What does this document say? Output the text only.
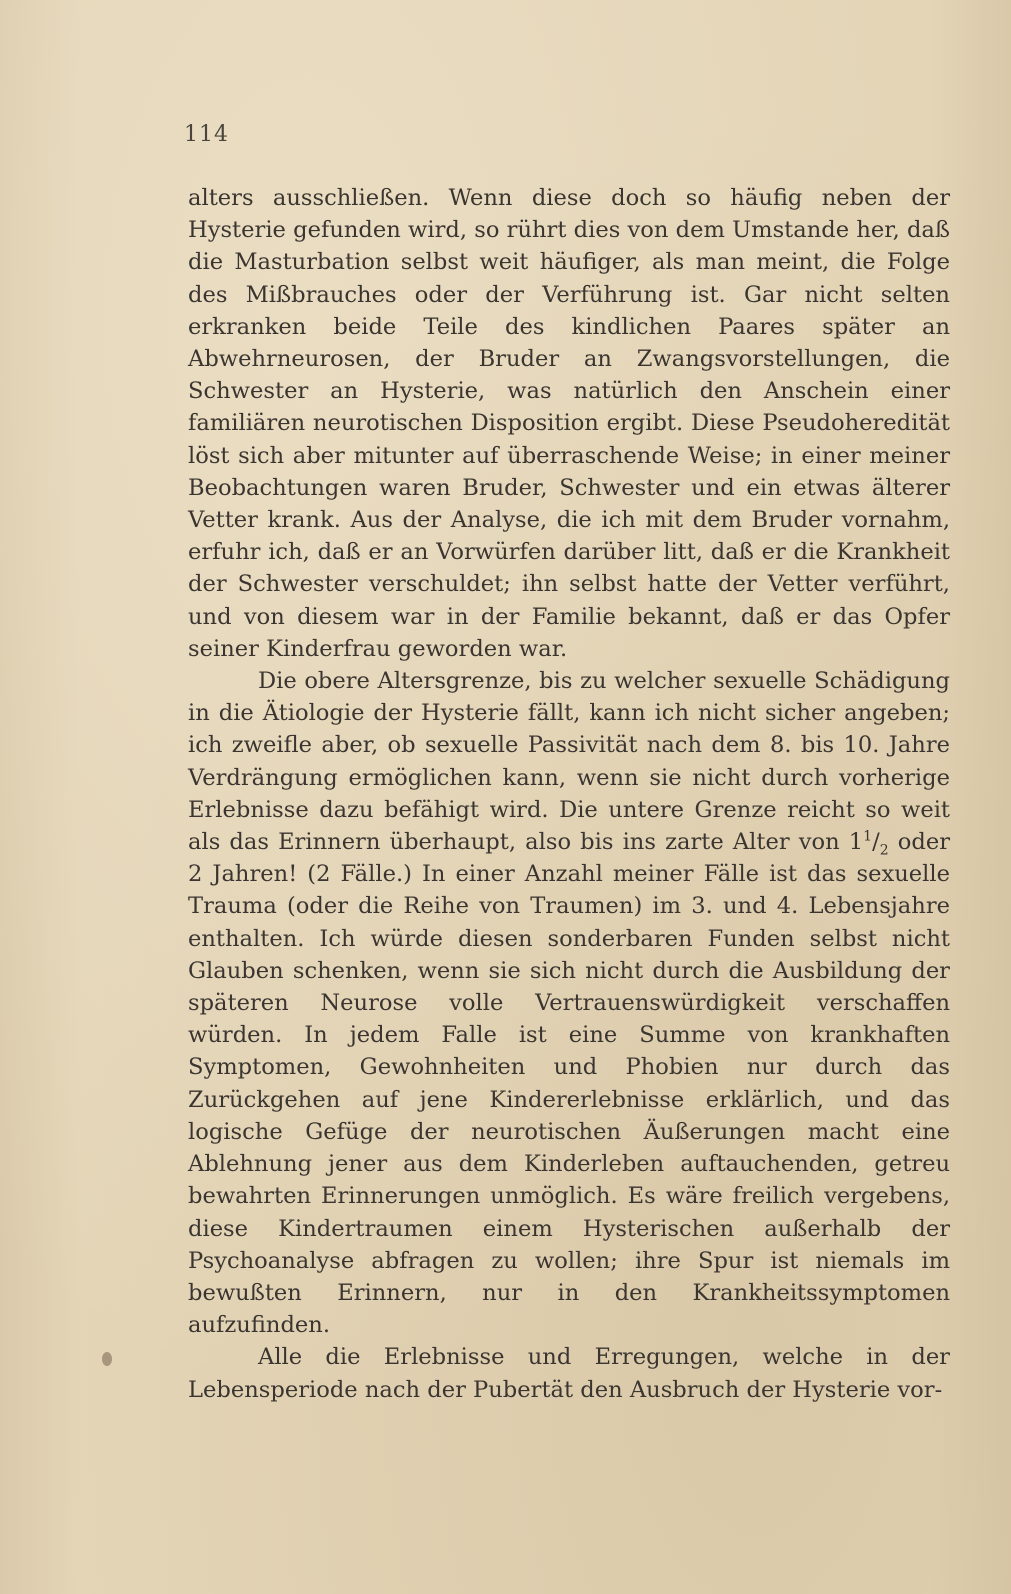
114

alters ausschließen. Wenn diese doch so häufig neben der Hysterie gefunden wird, so rührt dies von dem Umstande her, daß die Masturbation selbst weit häufiger, als man meint, die Folge des Mißbrauches oder der Verführung ist. Gar nicht selten erkranken beide Teile des kindlichen Paares später an Abwehrneurosen, der Bruder an Zwangsvorstellungen, die Schwester an Hysterie, was natürlich den Anschein einer familiären neurotischen Disposition ergibt. Diese Pseudoheredität löst sich aber mitunter auf überraschende Weise; in einer meiner Beobachtungen waren Bruder, Schwester und ein etwas älterer Vetter krank. Aus der Analyse, die ich mit dem Bruder vornahm, erfuhr ich, daß er an Vorwürfen darüber litt, daß er die Krankheit der Schwester verschuldet; ihn selbst hatte der Vetter verführt, und von diesem war in der Familie bekannt, daß er das Opfer seiner Kinderfrau geworden war.

Die obere Altersgrenze, bis zu welcher sexuelle Schädigung in die Ätiologie der Hysterie fällt, kann ich nicht sicher angeben; ich zweifle aber, ob sexuelle Passivität nach dem 8. bis 10. Jahre Verdrängung ermöglichen kann, wenn sie nicht durch vorherige Erlebnisse dazu befähigt wird. Die untere Grenze reicht so weit als das Erinnern überhaupt, also bis ins zarte Alter von $1^1/_2$ oder 2 Jahren! (2 Fälle.) In einer Anzahl meiner Fälle ist das sexuelle Trauma (oder die Reihe von Traumen) im 3. und 4. Lebensjahre enthalten. Ich würde diesen sonderbaren Funden selbst nicht Glauben schenken, wenn sie sich nicht durch die Ausbildung der späteren Neurose volle Vertrauenswürdigkeit verschaffen würden. In jedem Falle ist eine Summe von krankhaften Symptomen, Gewohnheiten und Phobien nur durch das Zurückgehen auf jene Kindererlebnisse erklärlich, und das logische Gefüge der neurotischen Äußerungen macht eine Ablehnung jener aus dem Kinderleben auftauchenden, getreu bewahrten Erinnerungen unmöglich. Es wäre freilich vergebens, diese Kindertraumen einem Hysterischen außerhalb der Psychoanalyse abfragen zu wollen; ihre Spur ist niemals im bewußten Erinnern, nur in den Krankheitssymptomen aufzufinden.

Alle die Erlebnisse und Erregungen, welche in der Lebensperiode nach der Pubertät den Ausbruch der Hysterie vor-
